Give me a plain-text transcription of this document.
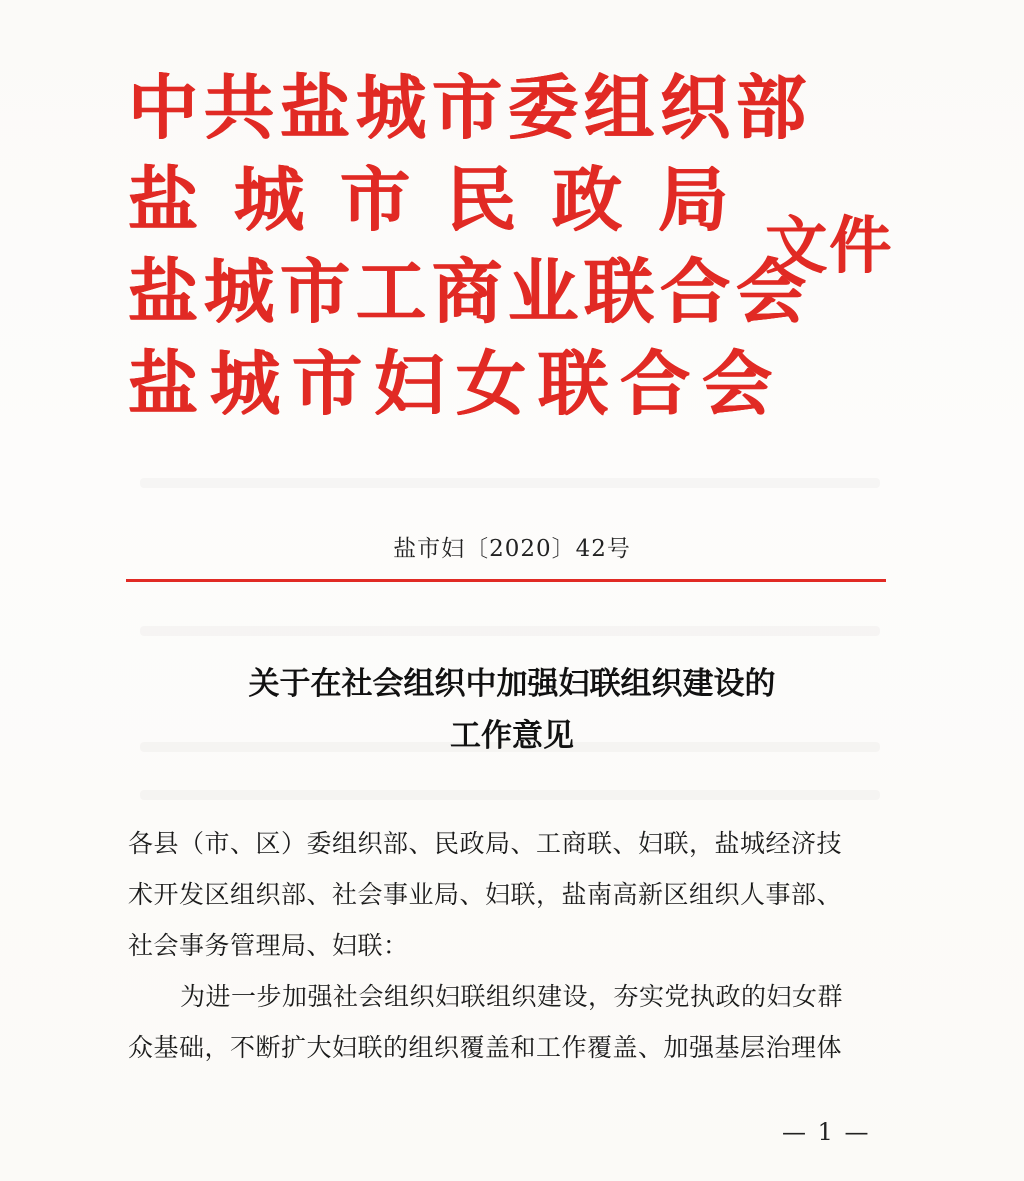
中共盐城市委组织部
盐城市民政局
盐城市工商业联合会
盐城市妇女联合会
文件
盐市妇〔2020〕42号
关于在社会组织中加强妇联组织建设的
工作意见
各县（市、区）委组织部、民政局、工商联、妇联，盐城经济技
术开发区组织部、社会事业局、妇联，盐南高新区组织人事部、
社会事务管理局、妇联：
为进一步加强社会组织妇联组织建设，夯实党执政的妇女群
众基础，不断扩大妇联的组织覆盖和工作覆盖、加强基层治理体
— 1 —
